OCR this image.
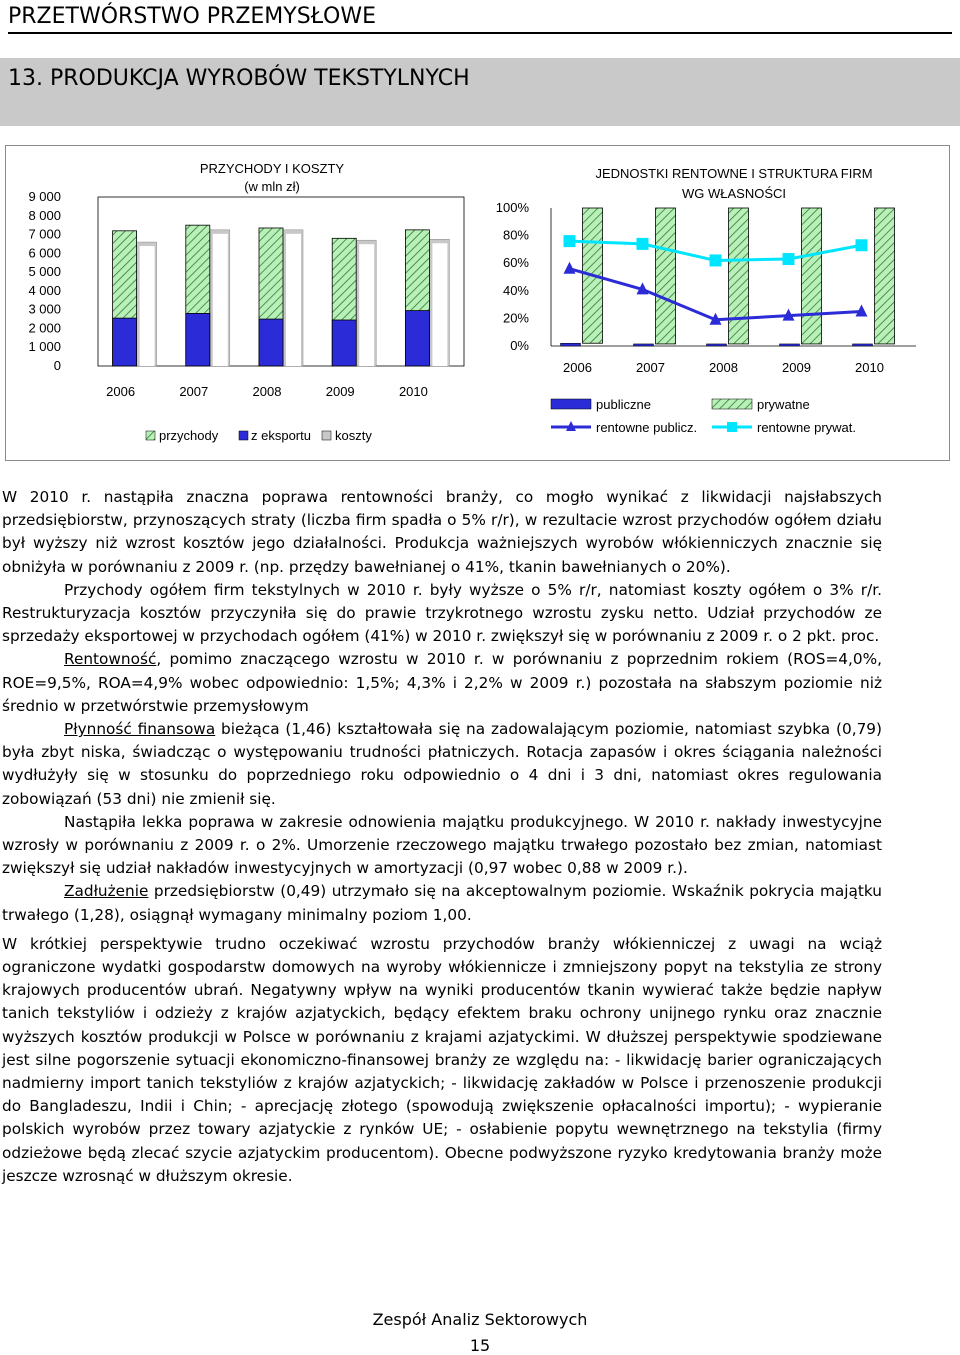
PRZETWÓRSTWO PRZEMYSŁOWE
13. PRODUKCJA WYROBÓW TEKSTYLNYCH
PRZYCHODY I KOSZTY
(w mln zł)
JEDNOSTKI RENTOWNE I STRUKTURA FIRM
WG WŁASNOŚCI
9 000
8 000
7 000
6 000
5 000
4 000
3 000
2 000
1 000
0
2006	2007	2008	2009	2010
100%
80%
60%
40%
20%
0%
2006	2007	2008	2009	2010
przychody	z eksportu koszty
publiczne	prywatne
rentowne publicz.	rentowne prywat.

W 2010 r. nastąpiła znaczna poprawa rentowności branży, co mogło wynikać z likwidacji najsłabszych przedsiębiorstw, przynoszących straty (liczba firm spadła o 5% r/r), w rezultacie wzrost przychodów ogółem działu był wyższy niż wzrost kosztów jego działalności. Produkcja ważniejszych wyrobów włókienniczych znacznie się obniżyła w porównaniu z 2009 r. (np. przędzy bawełnianej o 41%, tkanin bawełnianych o 20%).

Przychody ogółem firm tekstylnych w 2010 r. były wyższe o 5% r/r, natomiast koszty ogółem o 3% r/r. Restrukturyzacja kosztów przyczyniła się do prawie trzykrotnego wzrostu zysku netto. Udział przychodów ze sprzedaży eksportowej w przychodach ogółem (41%) w 2010 r. zwiększył się w porównaniu z 2009 r. o 2 pkt. proc.

Rentowność, pomimo znaczącego wzrostu w 2010 r. w porównaniu z poprzednim rokiem (ROS=4,0%, ROE=9,5%, ROA=4,9% wobec odpowiednio: 1,5%; 4,3% i 2,2% w 2009 r.) pozostała na słabszym poziomie niż średnio w przetwórstwie przemysłowym

Płynność finansowa bieżąca (1,46) kształtowała się na zadowalającym poziomie, natomiast szybka (0,79) była zbyt niska, świadcząc o występowaniu trudności płatniczych. Rotacja zapasów i okres ściągania należności wydłużyły się w stosunku do poprzedniego roku odpowiednio o 4 dni i 3 dni, natomiast okres regulowania zobowiązań (53 dni) nie zmienił się.

Nastąpiła lekka poprawa w zakresie odnowienia majątku produkcyjnego. W 2010 r. nakłady inwestycyjne wzrosły w porównaniu z 2009 r. o 2%. Umorzenie rzeczowego majątku trwałego pozostało bez zmian, natomiast zwiększył się udział nakładów inwestycyjnych w amortyzacji (0,97 wobec 0,88 w 2009 r.).

Zadłużenie przedsiębiorstw (0,49) utrzymało się na akceptowalnym poziomie. Wskaźnik pokrycia majątku trwałego (1,28), osiągnął wymagany minimalny poziom 1,00.

W krótkiej perspektywie trudno oczekiwać wzrostu przychodów branży włókienniczej z uwagi na wciąż ograniczone wydatki gospodarstw domowych na wyroby włókiennicze i zmniejszony popyt na tekstylia ze strony krajowych producentów ubrań. Negatywny wpływ na wyniki producentów tkanin wywierać także będzie napływ tanich tekstyliów i odzieży z krajów azjatyckich, będący efektem braku ochrony unijnego rynku oraz znacznie wyższych kosztów produkcji w Polsce w porównaniu z krajami azjatyckimi. W dłuższej perspektywie spodziewane jest silne pogorszenie sytuacji ekonomiczno-finansowej branży ze względu na: - likwidację barier ograniczających nadmierny import tanich tekstyliów z krajów azjatyckich; - likwidację zakładów w Polsce i przenoszenie produkcji do Bangladeszu, Indii i Chin; - aprecjację złotego (spowodują zwiększenie opłacalności importu); - wypieranie polskich wyrobów przez towary azjatyckie z rynków UE; - osłabienie popytu wewnętrznego na tekstylia (firmy odzieżowe będą zlecać szycie azjatyckim producentom). Obecne podwyższone ryzyko kredytowania branży może jeszcze wzrosnąć w dłuższym okresie.

Zespół Analiz Sektorowych
15
